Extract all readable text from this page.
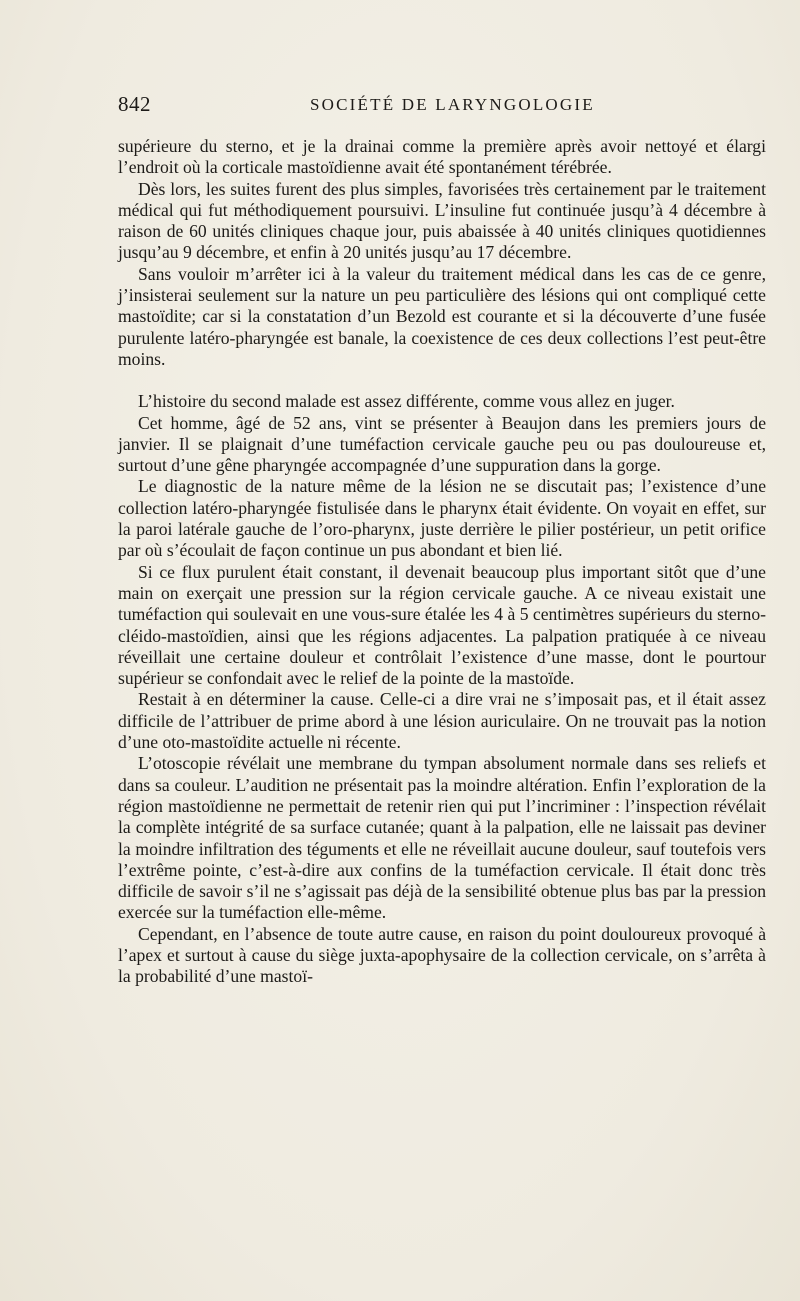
842	SOCIÉTÉ DE LARYNGOLOGIE

supérieure du sterno, et je la drainai comme la première après avoir nettoyé et élargi l’endroit où la corticale mastoïdienne avait été spontanément térébrée.

Dès lors, les suites furent des plus simples, favorisées très certainement par le traitement médical qui fut méthodiquement poursuivi. L’insuline fut continuée jusqu’à 4 décembre à raison de 60 unités cliniques chaque jour, puis abaissée à 40 unités cliniques quotidiennes jusqu’au 9 décembre, et enfin à 20 unités jusqu’au 17 décembre.

Sans vouloir m’arrêter ici à la valeur du traitement médical dans les cas de ce genre, j’insisterai seulement sur la nature un peu particulière des lésions qui ont compliqué cette mastoïdite; car si la constatation d’un Bezold est courante et si la découverte d’une fusée purulente latéro-pharyngée est banale, la coexistence de ces deux collections l’est peut-être moins.

L’histoire du second malade est assez différente, comme vous allez en juger.

Cet homme, âgé de 52 ans, vint se présenter à Beaujon dans les premiers jours de janvier. Il se plaignait d’une tuméfaction cervicale gauche peu ou pas douloureuse et, surtout d’une gêne pharyngée accompagnée d’une suppuration dans la gorge.

Le diagnostic de la nature même de la lésion ne se discutait pas; l’existence d’une collection latéro-pharyngée fistulisée dans le pharynx était évidente. On voyait en effet, sur la paroi latérale gauche de l’oro-pharynx, juste derrière le pilier postérieur, un petit orifice par où s’écoulait de façon continue un pus abondant et bien lié.

Si ce flux purulent était constant, il devenait beaucoup plus important sitôt que d’une main on exerçait une pression sur la région cervicale gauche. A ce niveau existait une tuméfaction qui soulevait en une vous-sure étalée les 4 à 5 centimètres supérieurs du sterno-cléido-mastoïdien, ainsi que les régions adjacentes. La palpation pratiquée à ce niveau réveillait une certaine douleur et contrôlait l’existence d’une masse, dont le pourtour supérieur se confondait avec le relief de la pointe de la mastoïde.

Restait à en déterminer la cause. Celle-ci a dire vrai ne s’imposait pas, et il était assez difficile de l’attribuer de prime abord à une lésion auriculaire. On ne trouvait pas la notion d’une oto-mastoïdite actuelle ni récente.

L’otoscopie révélait une membrane du tympan absolument normale dans ses reliefs et dans sa couleur. L’audition ne présentait pas la moindre altération. Enfin l’exploration de la région mastoïdienne ne permettait de retenir rien qui put l’incriminer : l’inspection révélait la complète intégrité de sa surface cutanée; quant à la palpation, elle ne laissait pas deviner la moindre infiltration des téguments et elle ne réveillait aucune douleur, sauf toutefois vers l’extrême pointe, c’est-à-dire aux confins de la tuméfaction cervicale. Il était donc très difficile de savoir s’il ne s’agissait pas déjà de la sensibilité obtenue plus bas par la pression exercée sur la tuméfaction elle-même.

Cependant, en l’absence de toute autre cause, en raison du point douloureux provoqué à l’apex et surtout à cause du siège juxta-apophysaire de la collection cervicale, on s’arrêta à la probabilité d’une mastoï-
